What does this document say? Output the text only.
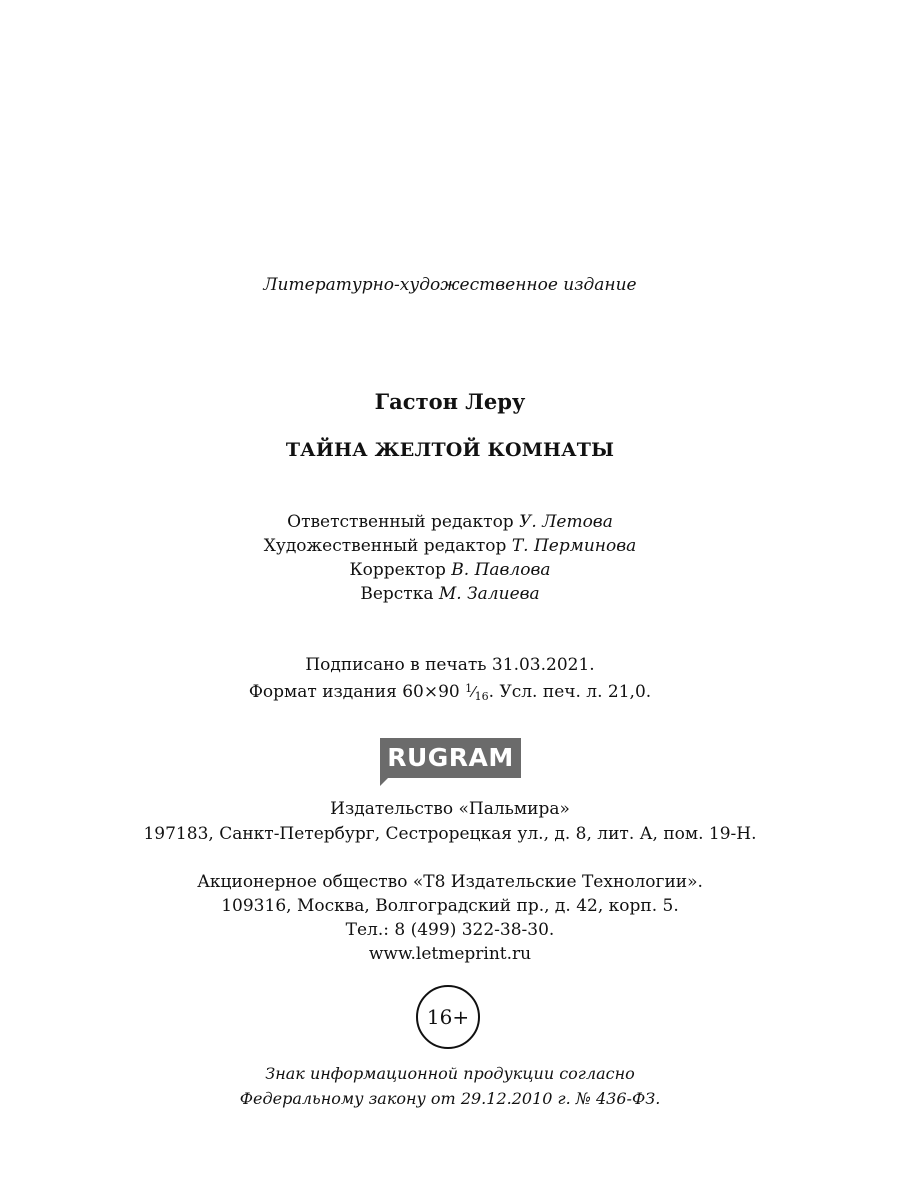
Литературно-художественное издание
Гастон Леру
ТАЙНА ЖЕЛТОЙ КОМНАТЫ
Ответственный редактор У. Летова
Художественный редактор Т. Перминова
Корректор В. Павлова
Верстка М. Залиева
Подписано в печать 31.03.2021.
Формат издания 60×90 $^1⁄_{16}$. Усл. печ. л. 21,0.
RUGRAM
Издательство «Пальмира»
197183, Санкт-Петербург, Сестрорецкая ул., д. 8, лит. А, пом. 19-Н.
Акционерное общество «Т8 Издательские Технологии».
109316, Москва, Волгоградский пр., д. 42, корп. 5.
Тел.: 8 (499) 322-38-30.
www.letmeprint.ru
16+
Знак информационной продукции согласно
Федеральному закону от 29.12.2010 г. № 436-ФЗ.
